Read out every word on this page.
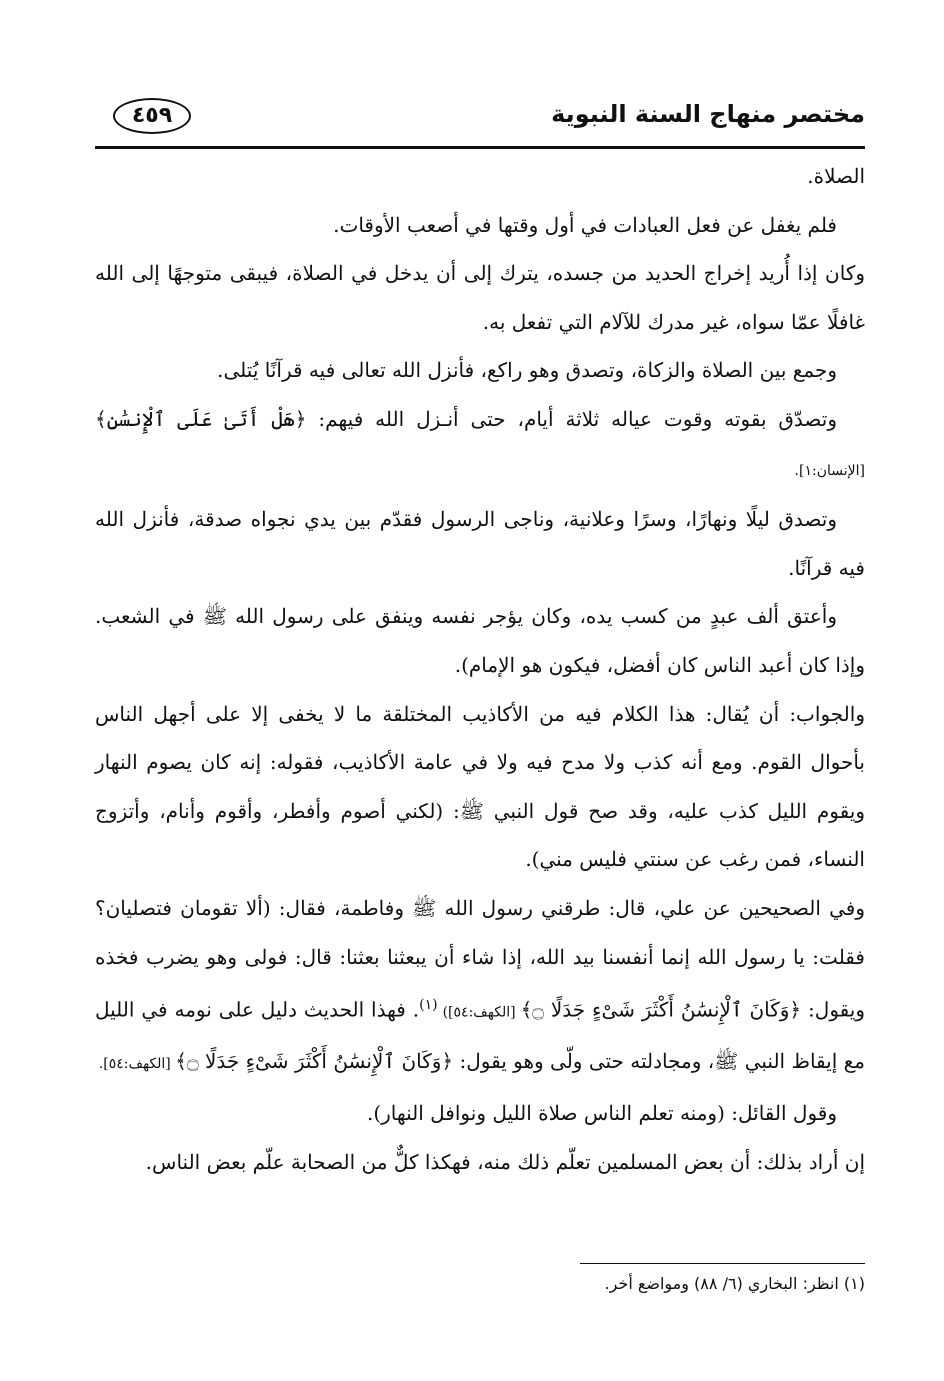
مختصر منهاج السنة النبوية
٤٥٩

الصلاة.

فلم يغفل عن فعل العبادات في أول وقتها في أصعب الأوقات.

وكان إذا أُريد إخراج الحديد من جسده، يترك إلى أن يدخل في الصلاة، فيبقى متوجهًا إلى الله غافلًا عمّا سواه، غير مدرك للآلام التي تفعل به.

وجمع بين الصلاة والزكاة، وتصدق وهو راكع، فأنزل الله تعالى فيه قرآنًا يُتلى.

وتصدّق بقوته وقوت عياله ثلاثة أيام، حتى أنـزل الله فيهم: ﴿هَلْ أَتَىٰ عَلَى ٱلْإِنسَٰنِ﴾ [الإنسان:١].

وتصدق ليلًا ونهارًا، وسرًا وعلانية، وناجى الرسول فقدّم بين يدي نجواه صدقة، فأنزل الله فيه قرآنًا.

وأعتق ألف عبدٍ من كسب يده، وكان يؤجر نفسه وينفق على رسول الله ﷺ في الشعب. وإذا كان أعبد الناس كان أفضل، فيكون هو الإمام).

والجواب: أن يُقال: هذا الكلام فيه من الأكاذيب المختلقة ما لا يخفى إلا على أجهل الناس بأحوال القوم. ومع أنه كذب ولا مدح فيه ولا في عامة الأكاذيب، فقوله: إنه كان يصوم النهار ويقوم الليل كذب عليه، وقد صح قول النبي ﷺ: (لكني أصوم وأفطر، وأقوم وأنام، وأتزوج النساء، فمن رغب عن سنتي فليس مني).

وفي الصحيحين عن علي، قال: طرقني رسول الله ﷺ وفاطمة، فقال: (ألا تقومان فتصليان؟ فقلت: يا رسول الله إنما أنفسنا بيد الله، إذا شاء أن يبعثنا بعثنا: قال: فولى وهو يضرب فخذه ويقول: ﴿وَكَانَ ٱلْإِنسَٰنُ أَكْثَرَ شَىْءٍ جَدَلًا ۝﴾ [الكهف:٥٤]) $^{(١)}$. فهذا الحديث دليل على نومه في الليل مع إيقاظ النبي ﷺ، ومجادلته حتى ولّى وهو يقول: ﴿وَكَانَ ٱلْإِنسَٰنُ أَكْثَرَ شَىْءٍ جَدَلًا ۝﴾ [الكهف:٥٤].

وقول القائل: (ومنه تعلم الناس صلاة الليل ونوافل النهار).

إن أراد بذلك: أن بعض المسلمين تعلّم ذلك منه، فهكذا كلٌّ من الصحابة علّم بعض الناس.

(١) انظر: البخاري (٦/ ٨٨) ومواضع أخر.
